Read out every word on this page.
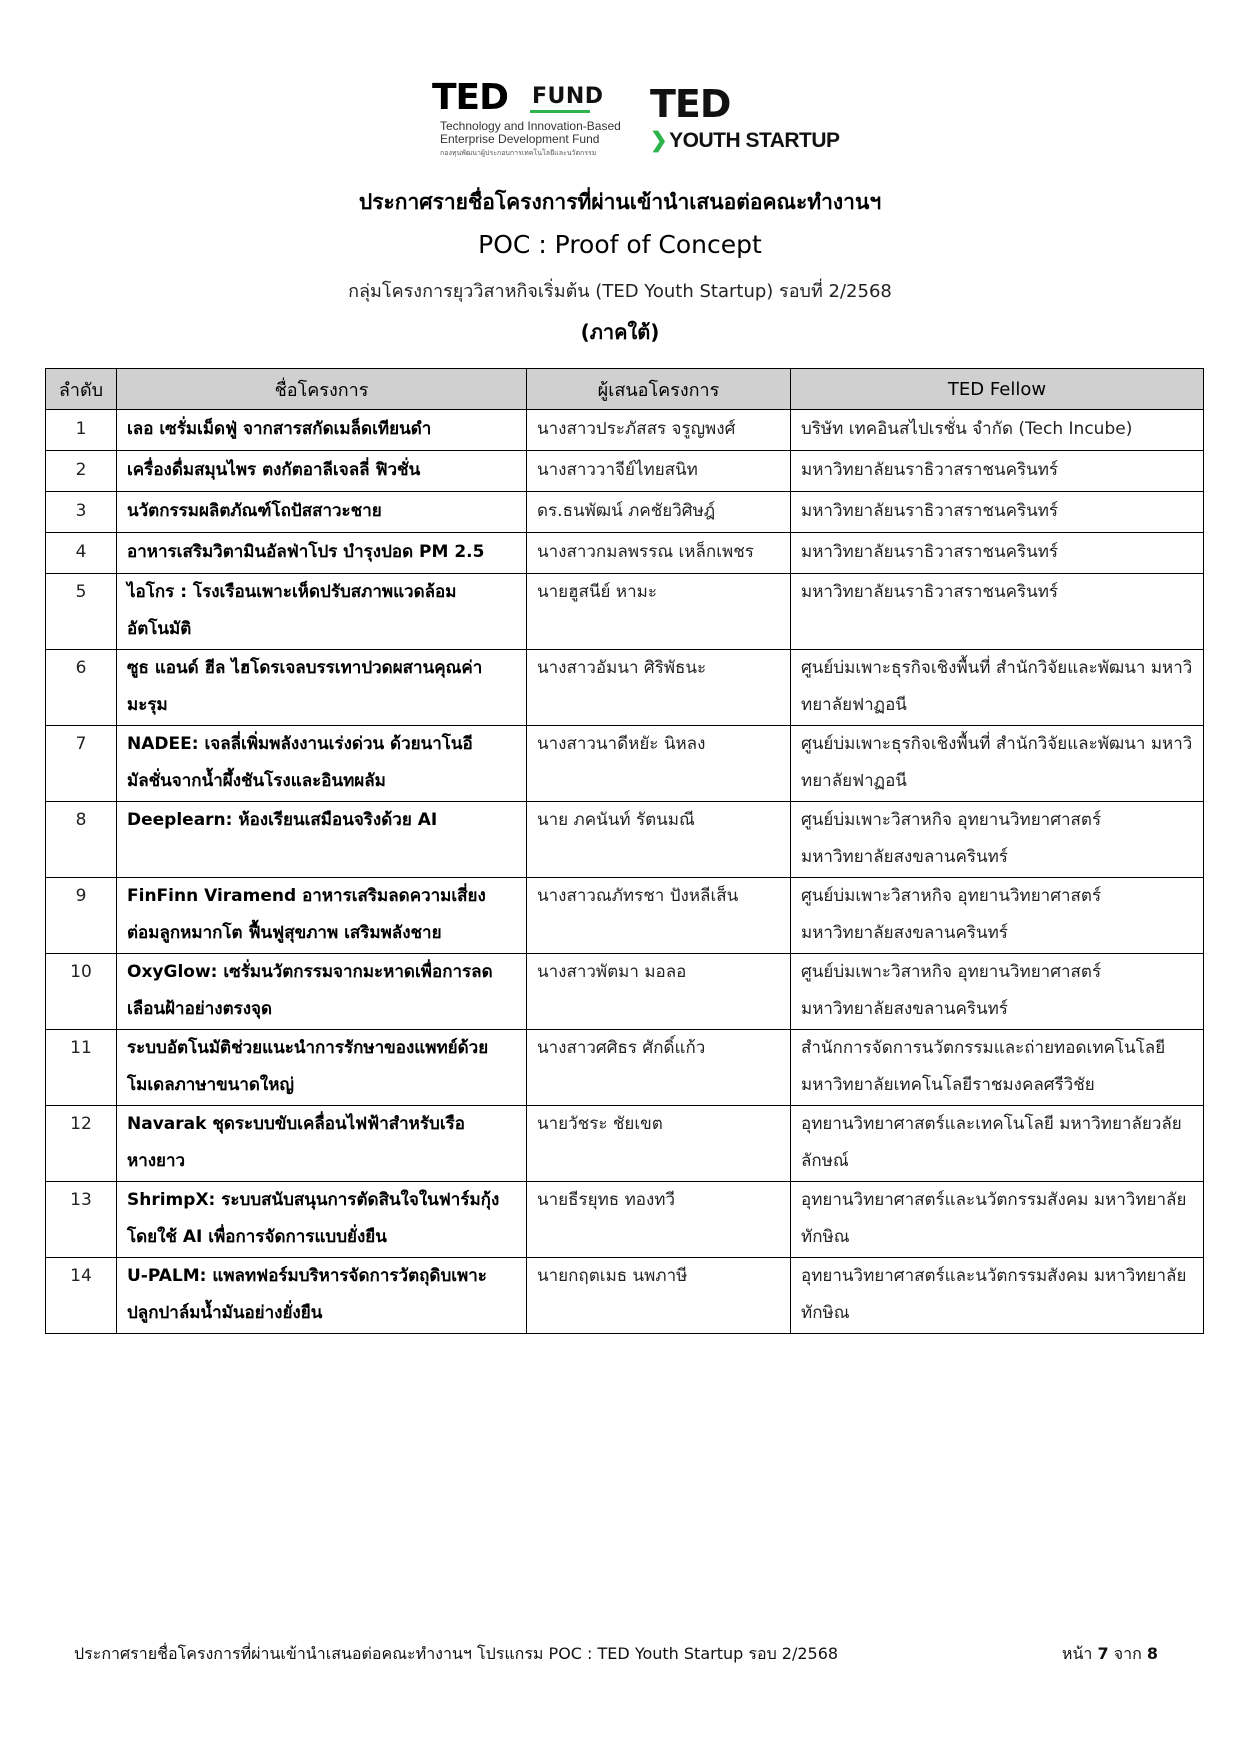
TED FUND
Technology and Innovation-Based
Enterprise Development Fund
กองทุนพัฒนาผู้ประกอบการเทคโนโลยีและนวัตกรรม
TED
❯YOUTH STARTUP
ประกาศรายชื่อโครงการที่ผ่านเข้านำเสนอต่อคณะทำงานฯ
POC : Proof of Concept
กลุ่มโครงการยุววิสาหกิจเริ่มต้น (TED Youth Startup) รอบที่ 2/2568
(ภาคใต้)
ลำดับ	ชื่อโครงการ	ผู้เสนอโครงการ	TED Fellow
1	เลอ เซรั่มเม็ดฟู่ จากสารสกัดเมล็ดเทียนดำ	นางสาวประภัสสร จรูญพงศ์	บริษัท เทคอินสไปเรชั่น จำกัด (Tech Incube)
2	เครื่องดื่มสมุนไพร ตงกัตอาลีเจลลี่ ฟิวชั่น	นางสาววาจีย์ไทยสนิท	มหาวิทยาลัยนราธิวาสราชนครินทร์
3	นวัตกรรมผลิตภัณฑ์โถปัสสาวะชาย	ดร.ธนพัฒน์ ภคชัยวิศิษฎ์	มหาวิทยาลัยนราธิวาสราชนครินทร์
4	อาหารเสริมวิตามินอัลฟ่าโปร บำรุงปอด PM 2.5	นางสาวกมลพรรณ เหล็กเพชร	มหาวิทยาลัยนราธิวาสราชนครินทร์
5	ไอโกร : โรงเรือนเพาะเห็ดปรับสภาพแวดล้อมอัตโนมัติ	นายฮูสนีย์ หามะ	มหาวิทยาลัยนราธิวาสราชนครินทร์
6	ซูธ แอนด์ ฮีล ไฮโดรเจลบรรเทาปวดผสานคุณค่ามะรุม	นางสาวอัมนา ศิริพัธนะ	ศูนย์บ่มเพาะธุรกิจเชิงพื้นที่ สำนักวิจัยและพัฒนา มหาวิทยาลัยฟาฏอนี
7	NADEE: เจลลี่เพิ่มพลังงานเร่งด่วน ด้วยนาโนอีมัลชั่นจากน้ำผึ้งชันโรงและอินทผลัม	นางสาวนาดีหยัะ นิหลง	ศูนย์บ่มเพาะธุรกิจเชิงพื้นที่ สำนักวิจัยและพัฒนา มหาวิทยาลัยฟาฏอนี
8	Deeplearn: ห้องเรียนเสมือนจริงด้วย AI	นาย ภคนันท์ รัตนมณี	ศูนย์บ่มเพาะวิสาหกิจ อุทยานวิทยาศาสตร์ มหาวิทยาลัยสงขลานครินทร์
9	FinFinn Viramend อาหารเสริมลดความเสี่ยงต่อมลูกหมากโต ฟื้นฟูสุขภาพ เสริมพลังชาย	นางสาวณภัทรชา ปังหลีเส็น	ศูนย์บ่มเพาะวิสาหกิจ อุทยานวิทยาศาสตร์ มหาวิทยาลัยสงขลานครินทร์
10	OxyGlow: เซรั่มนวัตกรรมจากมะหาดเพื่อการลดเลือนฝ้าอย่างตรงจุด	นางสาวพัตมา มอลอ	ศูนย์บ่มเพาะวิสาหกิจ อุทยานวิทยาศาสตร์ มหาวิทยาลัยสงขลานครินทร์
11	ระบบอัตโนมัติช่วยแนะนำการรักษาของแพทย์ด้วยโมเดลภาษาขนาดใหญ่	นางสาวศศิธร ศักดิ์แก้ว	สำนักการจัดการนวัตกรรมและถ่ายทอดเทคโนโลยี มหาวิทยาลัยเทคโนโลยีราชมงคลศรีวิชัย
12	Navarak ชุดระบบขับเคลื่อนไฟฟ้าสำหรับเรือหางยาว	นายวัชระ ชัยเขต	อุทยานวิทยาศาสตร์และเทคโนโลยี มหาวิทยาลัยวลัยลักษณ์
13	ShrimpX: ระบบสนับสนุนการตัดสินใจในฟาร์มกุ้งโดยใช้ AI เพื่อการจัดการแบบยั่งยืน	นายธีรยุทธ ทองทวี	อุทยานวิทยาศาสตร์และนวัตกรรมสังคม มหาวิทยาลัยทักษิณ
14	U-PALM: แพลทฟอร์มบริหารจัดการวัตถุดิบเพาะปลูกปาล์มน้ำมันอย่างยั่งยืน	นายกฤตเมธ นพภาษี	อุทยานวิทยาศาสตร์และนวัตกรรมสังคม มหาวิทยาลัยทักษิณ
ประกาศรายชื่อโครงการที่ผ่านเข้านำเสนอต่อคณะทำงานฯ โปรแกรม POC : TED Youth Startup รอบ 2/2568	หน้า 7 จาก 8
